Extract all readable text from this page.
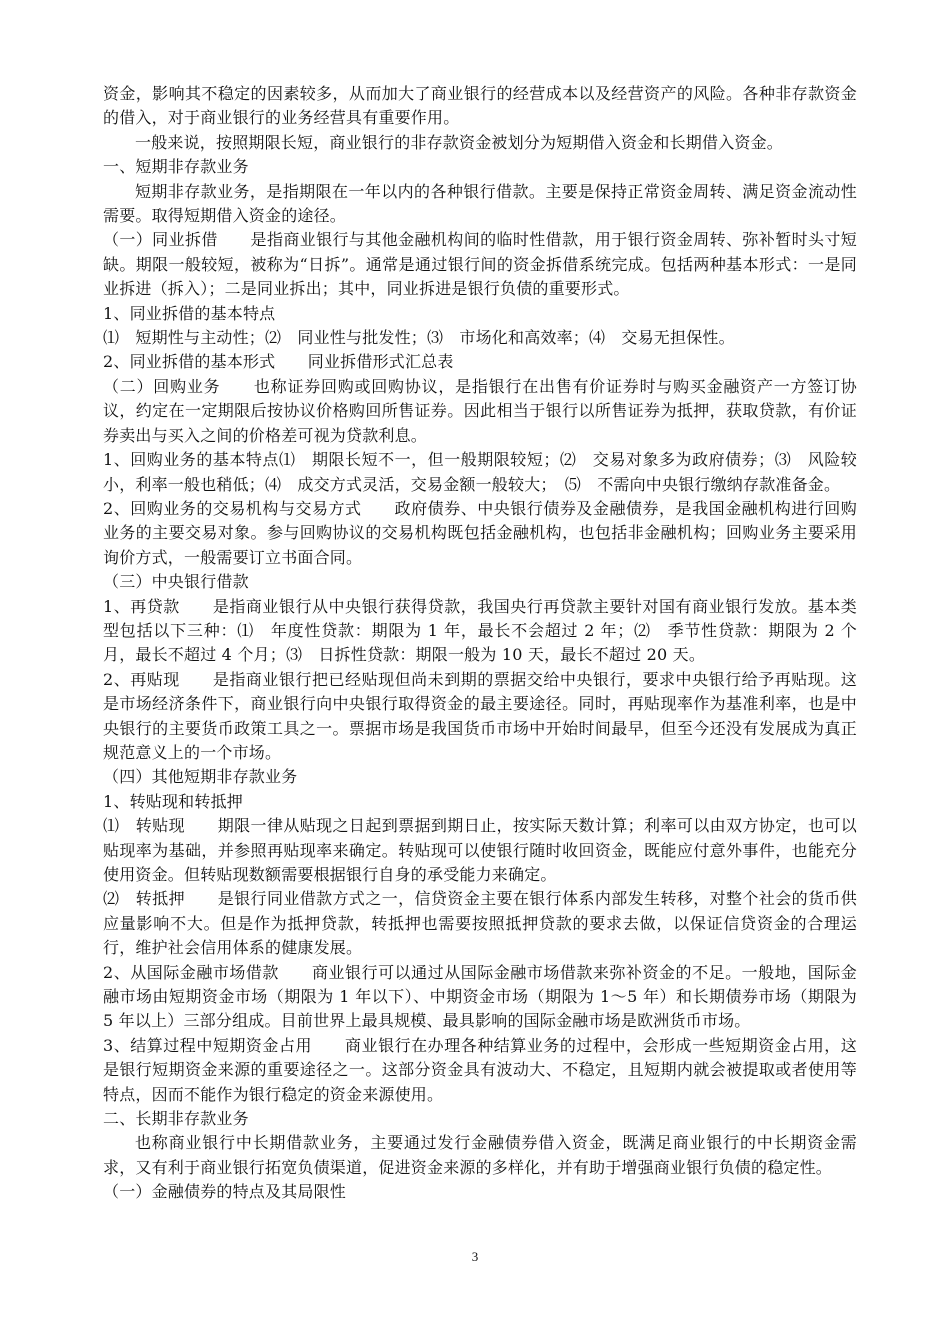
资金，影响其不稳定的因素较多，从而加大了商业银行的经营成本以及经营资产的风险。各种非存款资金的借入，对于商业银行的业务经营具有重要作用。

一般来说，按照期限长短，商业银行的非存款资金被划分为短期借入资金和长期借入资金。

一、短期非存款业务

短期非存款业务，是指期限在一年以内的各种银行借款。主要是保持正常资金周转、满足资金流动性需要。取得短期借入资金的途径。

（一）同业拆借　　是指商业银行与其他金融机构间的临时性借款，用于银行资金周转、弥补暂时头寸短缺。期限一般较短，被称为“日拆”。通常是通过银行间的资金拆借系统完成。包括两种基本形式：一是同业拆进（拆入）；二是同业拆出；其中，同业拆进是银行负债的重要形式。

1、同业拆借的基本特点

⑴　短期性与主动性；⑵　同业性与批发性；⑶　市场化和高效率；⑷　交易无担保性。

2、同业拆借的基本形式　　同业拆借形式汇总表

（二）回购业务　　也称证券回购或回购协议，是指银行在出售有价证券时与购买金融资产一方签订协议，约定在一定期限后按协议价格购回所售证券。因此相当于银行以所售证券为抵押，获取贷款，有价证券卖出与买入之间的价格差可视为贷款利息。

1、回购业务的基本特点⑴　期限长短不一，但一般期限较短；⑵　交易对象多为政府债券；⑶　风险较小，利率一般也稍低；⑷　成交方式灵活，交易金额一般较大；　⑸　不需向中央银行缴纳存款准备金。

2、回购业务的交易机构与交易方式　　政府债券、中央银行债券及金融债券，是我国金融机构进行回购业务的主要交易对象。参与回购协议的交易机构既包括金融机构，也包括非金融机构；回购业务主要采用询价方式，一般需要订立书面合同。

（三）中央银行借款

1、再贷款　　是指商业银行从中央银行获得贷款，我国央行再贷款主要针对国有商业银行发放。基本类型包括以下三种：⑴　年度性贷款：期限为 1 年，最长不会超过 2 年；⑵　季节性贷款：期限为 2 个月，最长不超过 4 个月；⑶　日拆性贷款：期限一般为 10 天，最长不超过 20 天。

2、再贴现　　是指商业银行把已经贴现但尚未到期的票据交给中央银行，要求中央银行给予再贴现。这是市场经济条件下，商业银行向中央银行取得资金的最主要途径。同时，再贴现率作为基准利率，也是中央银行的主要货币政策工具之一。票据市场是我国货币市场中开始时间最早，但至今还没有发展成为真正规范意义上的一个市场。

（四）其他短期非存款业务

1、转贴现和转抵押

⑴　转贴现　　期限一律从贴现之日起到票据到期日止，按实际天数计算；利率可以由双方协定，也可以贴现率为基础，并参照再贴现率来确定。转贴现可以使银行随时收回资金，既能应付意外事件，也能充分使用资金。但转贴现数额需要根据银行自身的承受能力来确定。

⑵　转抵押　　是银行同业借款方式之一，信贷资金主要在银行体系内部发生转移，对整个社会的货币供应量影响不大。但是作为抵押贷款，转抵押也需要按照抵押贷款的要求去做，以保证信贷资金的合理运行，维护社会信用体系的健康发展。

2、从国际金融市场借款　　商业银行可以通过从国际金融市场借款来弥补资金的不足。一般地，国际金融市场由短期资金市场（期限为 1 年以下）、中期资金市场（期限为 1～5 年）和长期债券市场（期限为 5 年以上）三部分组成。目前世界上最具规模、最具影响的国际金融市场是欧洲货币市场。

3、结算过程中短期资金占用　　商业银行在办理各种结算业务的过程中，会形成一些短期资金占用，这是银行短期资金来源的重要途径之一。这部分资金具有波动大、不稳定，且短期内就会被提取或者使用等特点，因而不能作为银行稳定的资金来源使用。

二、长期非存款业务

也称商业银行中长期借款业务，主要通过发行金融债券借入资金，既满足商业银行的中长期资金需求，又有利于商业银行拓宽负债渠道，促进资金来源的多样化，并有助于增强商业银行负债的稳定性。

（一）金融债券的特点及其局限性

3
